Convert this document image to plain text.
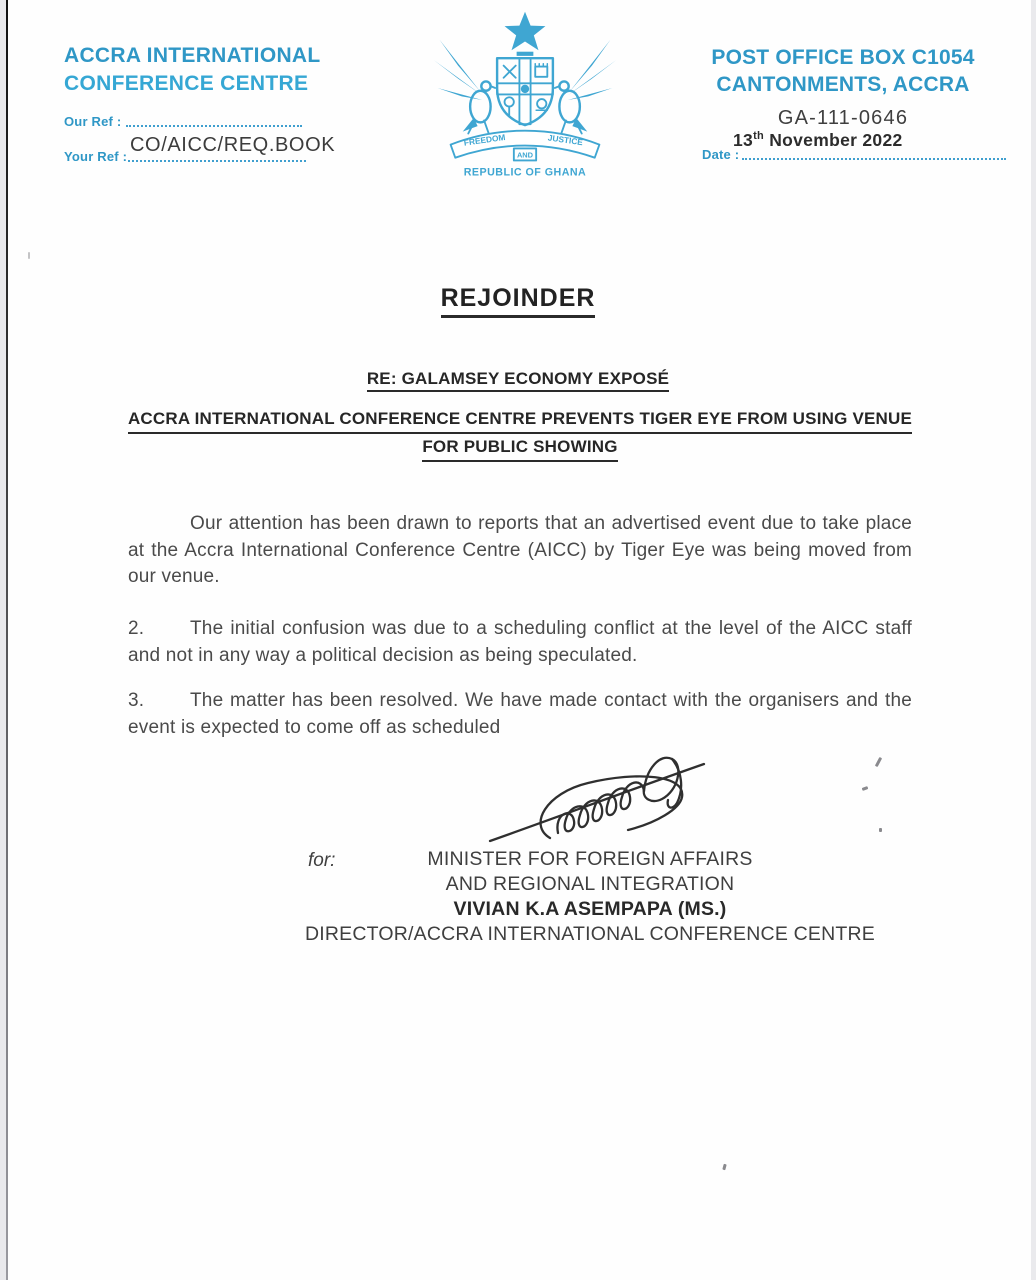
ACCRA INTERNATIONAL
CONFERENCE CENTRE
Our Ref :
Your Ref :
CO/AICC/REQ.BOOK	FREEDOM	JUSTICE
AND
REPUBLIC OF GHANA
POST OFFICE BOX C1054
CANTONMENTS, ACCRA
GA-111-0646
Date :
13th November 2022
REJOINDER
RE: GALAMSEY ECONOMY EXPOSÉ
ACCRA INTERNATIONAL CONFERENCE CENTRE PREVENTS TIGER EYE FROM USING VENUE
FOR PUBLIC SHOWING

Our attention has been drawn to reports that an advertised event due to take place at the Accra International Conference Centre (AICC) by Tiger Eye was being moved from our venue.

2. The initial confusion was due to a scheduling conflict at the level of the AICC staff and not in any way a political decision as being speculated.

3. The matter has been resolved. We have made contact with the organisers and the event is expected to come off as scheduled

for:	MINISTER FOR FOREIGN AFFAIRS
AND REGIONAL INTEGRATION
VIVIAN K.A ASEMPAPA (MS.)
DIRECTOR/ACCRA INTERNATIONAL CONFERENCE CENTRE
